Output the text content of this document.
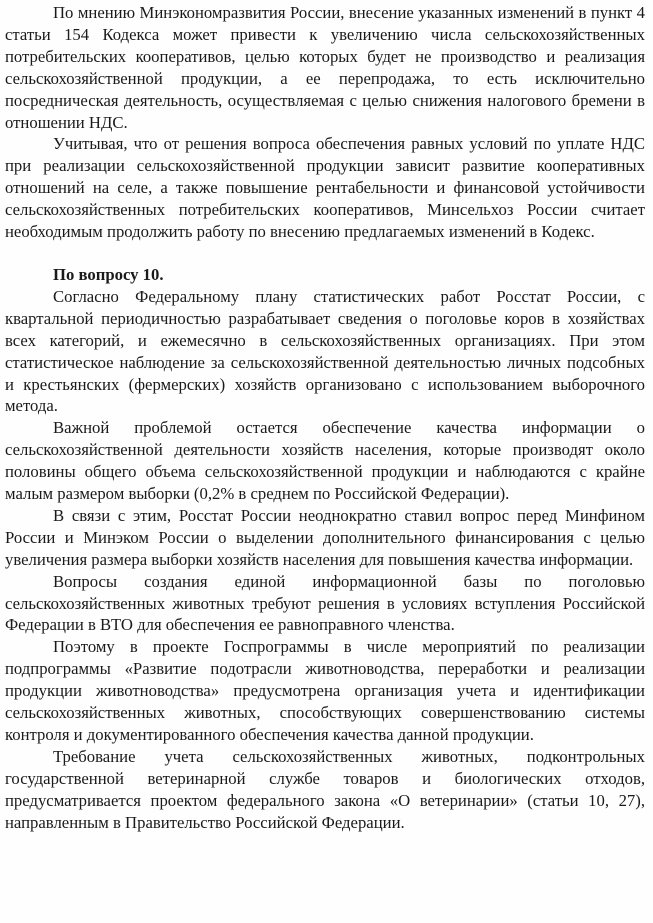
По мнению Минэкономразвития России, внесение указанных изменений в пункт 4 статьи 154 Кодекса может привести к увеличению числа сельскохозяйственных потребительских кооперативов, целью которых будет не производство и реализация сельскохозяйственной продукции, а ее перепродажа, то есть исключительно посредническая деятельность, осуществляемая с целью снижения налогового бремени в отношении НДС.

Учитывая, что от решения вопроса обеспечения равных условий по уплате НДС при реализации сельскохозяйственной продукции зависит развитие кооперативных отношений на селе, а также повышение рентабельности и финансовой устойчивости сельскохозяйственных потребительских кооперативов, Минсельхоз России считает необходимым продолжить работу по внесению предлагаемых изменений в Кодекс.

По вопросу 10.

Согласно Федеральному плану статистических работ Росстат России, с квартальной периодичностью разрабатывает сведения о поголовье коров в хозяйствах всех категорий, и ежемесячно в сельскохозяйственных организациях. При этом статистическое наблюдение за сельскохозяйственной деятельностью личных подсобных и крестьянских (фермерских) хозяйств организовано с использованием выборочного метода.

Важной проблемой остается обеспечение качества информации о сельскохозяйственной деятельности хозяйств населения, которые производят около половины общего объема сельскохозяйственной продукции и наблюдаются с крайне малым размером выборки (0,2% в среднем по Российской Федерации).

В связи с этим, Росстат России неоднократно ставил вопрос перед Минфином России и Минэком России о выделении дополнительного финансирования с целью увеличения размера выборки хозяйств населения для повышения качества информации.

Вопросы создания единой информационной базы по поголовью сельскохозяйственных животных требуют решения в условиях вступления Российской Федерации в ВТО для обеспечения ее равноправного членства.

Поэтому в проекте Госпрограммы в числе мероприятий по реализации подпрограммы «Развитие подотрасли животноводства, переработки и реализации продукции животноводства» предусмотрена организация учета и идентификации сельскохозяйственных животных, способствующих совершенствованию системы контроля и документированного обеспечения качества данной продукции.

Требование учета сельскохозяйственных животных, подконтрольных государственной ветеринарной службе товаров и биологических отходов, предусматривается проектом федерального закона «О ветеринарии» (статьи 10, 27), направленным в Правительство Российской Федерации.
